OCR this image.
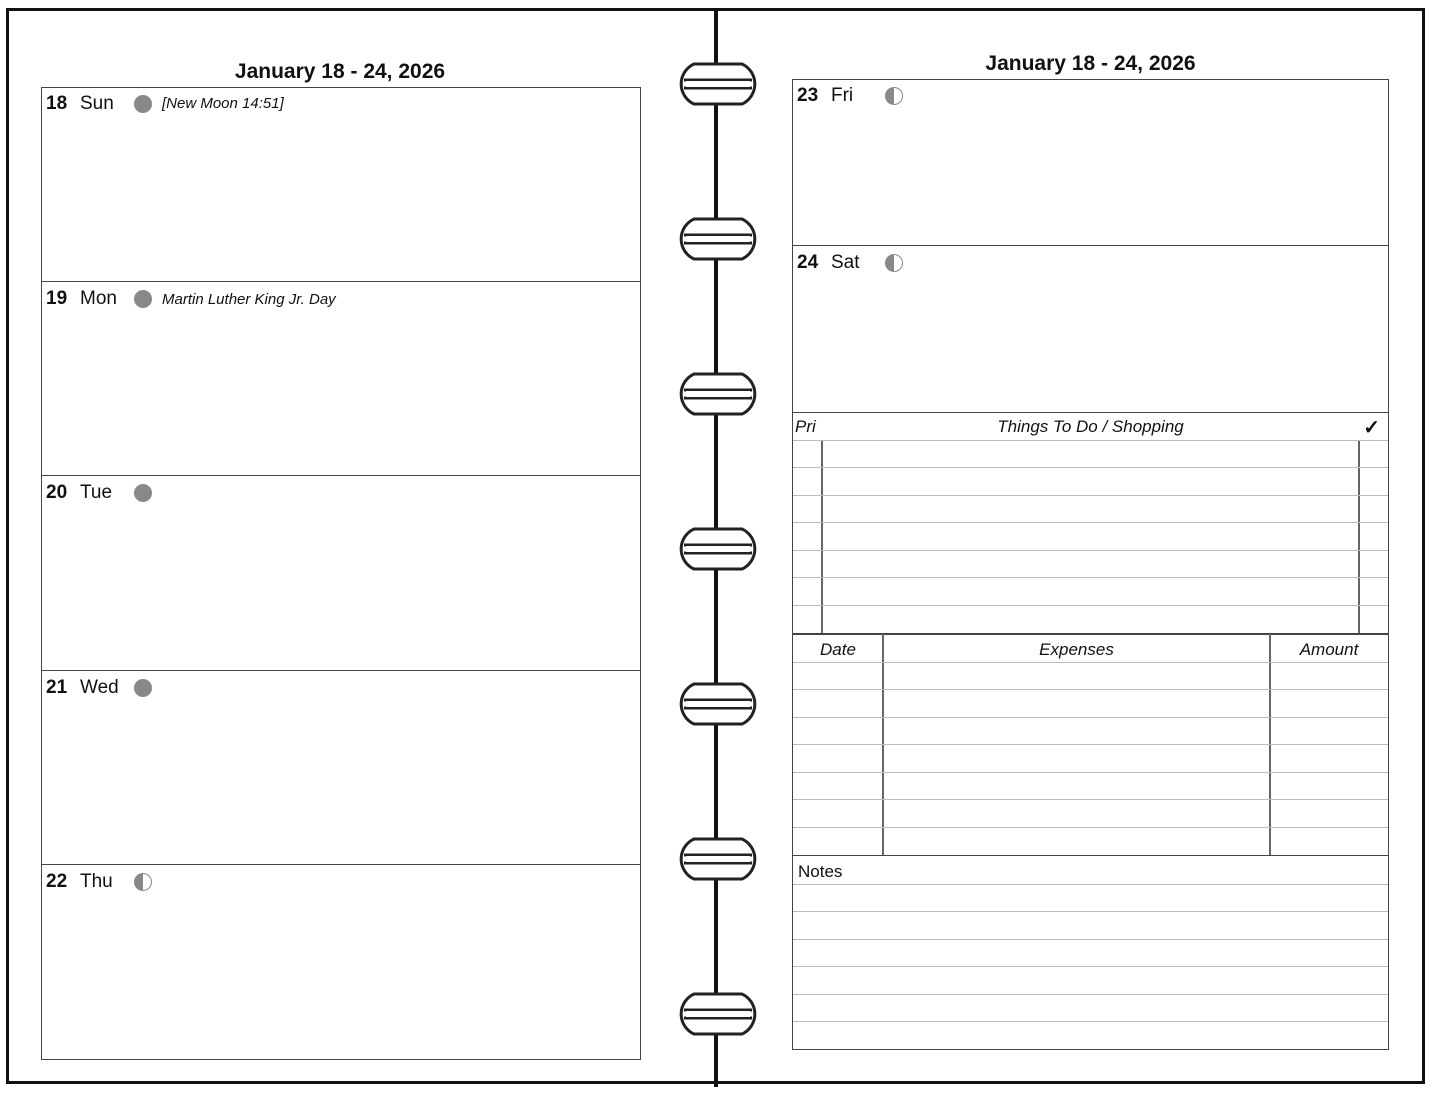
January 18 - 24, 2026
18 Sun	[New Moon 14:51]
19 Mon	Martin Luther King Jr. Day
20 Tue
21 Wed
22 Thu
January 18 - 24, 2026
23 Fri
24 Sat
Pri	Things To Do / Shopping	✓
Date	Expenses	Amount
Notes
